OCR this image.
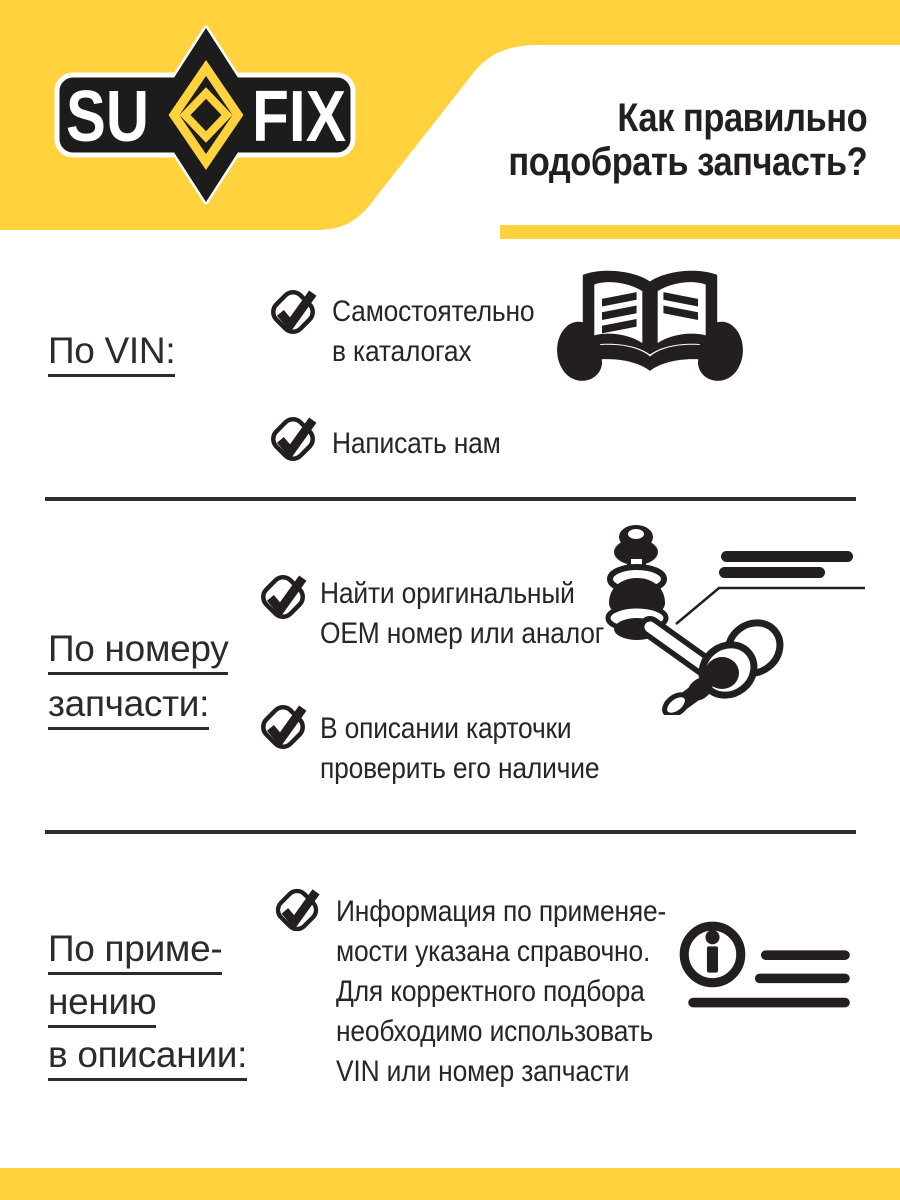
SU FIX	Как правильно
подобрать запчасть?
По VIN:
Самостоятельно
в каталогах
Написать нам
По номеру
запчасти:
Найти оригинальный
OEM номер или аналог
В описании карточки
проверить его наличие
По приме-
нению
в описании:
Информация по применяе-
мости указана справочно.
Для корректного подбора
необходимо использовать
VIN или номер запчасти
